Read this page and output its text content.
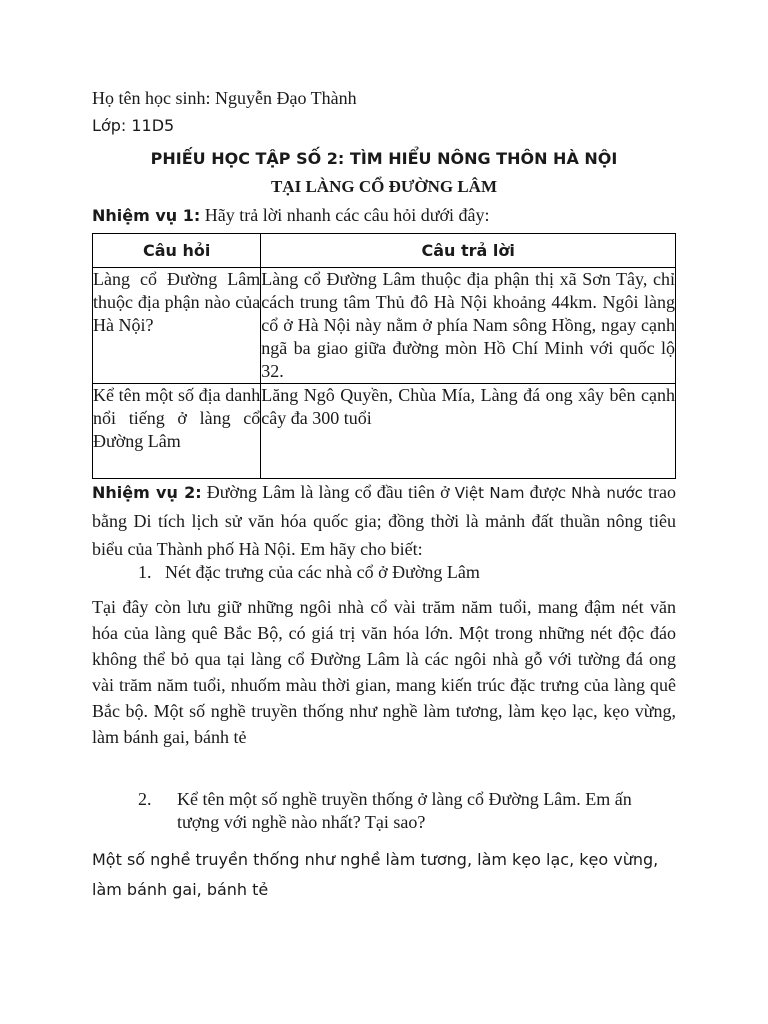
Họ tên học sinh: Nguyễn Đạo Thành
Lớp: 11D5
PHIẾU HỌC TẬP SỐ 2: TÌM HIỂU NÔNG THÔN HÀ NỘI
TẠI LÀNG CỔ ĐƯỜNG LÂM
Nhiệm vụ 1: Hãy trả lời nhanh các câu hỏi dưới đây:
Câu hỏi	Câu trả lời
Làng cổ Đường Lâm thuộc địa phận nào của Hà Nội?	Làng cổ Đường Lâm thuộc địa phận thị xã Sơn Tây, chỉ cách trung tâm Thủ đô Hà Nội khoảng 44km. Ngôi làng cổ ở Hà Nội này nằm ở phía Nam sông Hồng, ngay cạnh ngã ba giao giữa đường mòn Hồ Chí Minh với quốc lộ 32.
Kể tên một số địa danh nổi tiếng ở làng cổ Đường Lâm	Lăng Ngô Quyền, Chùa Mía, Làng đá ong xây bên cạnh cây đa 300 tuổi
Nhiệm vụ 2: Đường Lâm là làng cổ đầu tiên ở Việt Nam được Nhà nước trao bằng Di tích lịch sử văn hóa quốc gia; đồng thời là mảnh đất thuần nông tiêu biểu của Thành phố Hà Nội. Em hãy cho biết:
1. Nét đặc trưng của các nhà cổ ở Đường Lâm
Tại đây còn lưu giữ những ngôi nhà cổ vài trăm năm tuổi, mang đậm nét văn hóa của làng quê Bắc Bộ, có giá trị văn hóa lớn. Một trong những nét độc đáo không thể bỏ qua tại làng cổ Đường Lâm là các ngôi nhà gỗ với tường đá ong vài trăm năm tuổi, nhuốm màu thời gian, mang kiến trúc đặc trưng của làng quê Bắc bộ. Một số nghề truyền thống như nghề làm tương, làm kẹo lạc, kẹo vừng, làm bánh gai, bánh tẻ
2. Kể tên một số nghề truyền thống ở làng cổ Đường Lâm. Em ấn tượng với nghề nào nhất? Tại sao?
Một số nghề truyền thống như nghề làm tương, làm kẹo lạc, kẹo vừng, làm bánh gai, bánh tẻ
